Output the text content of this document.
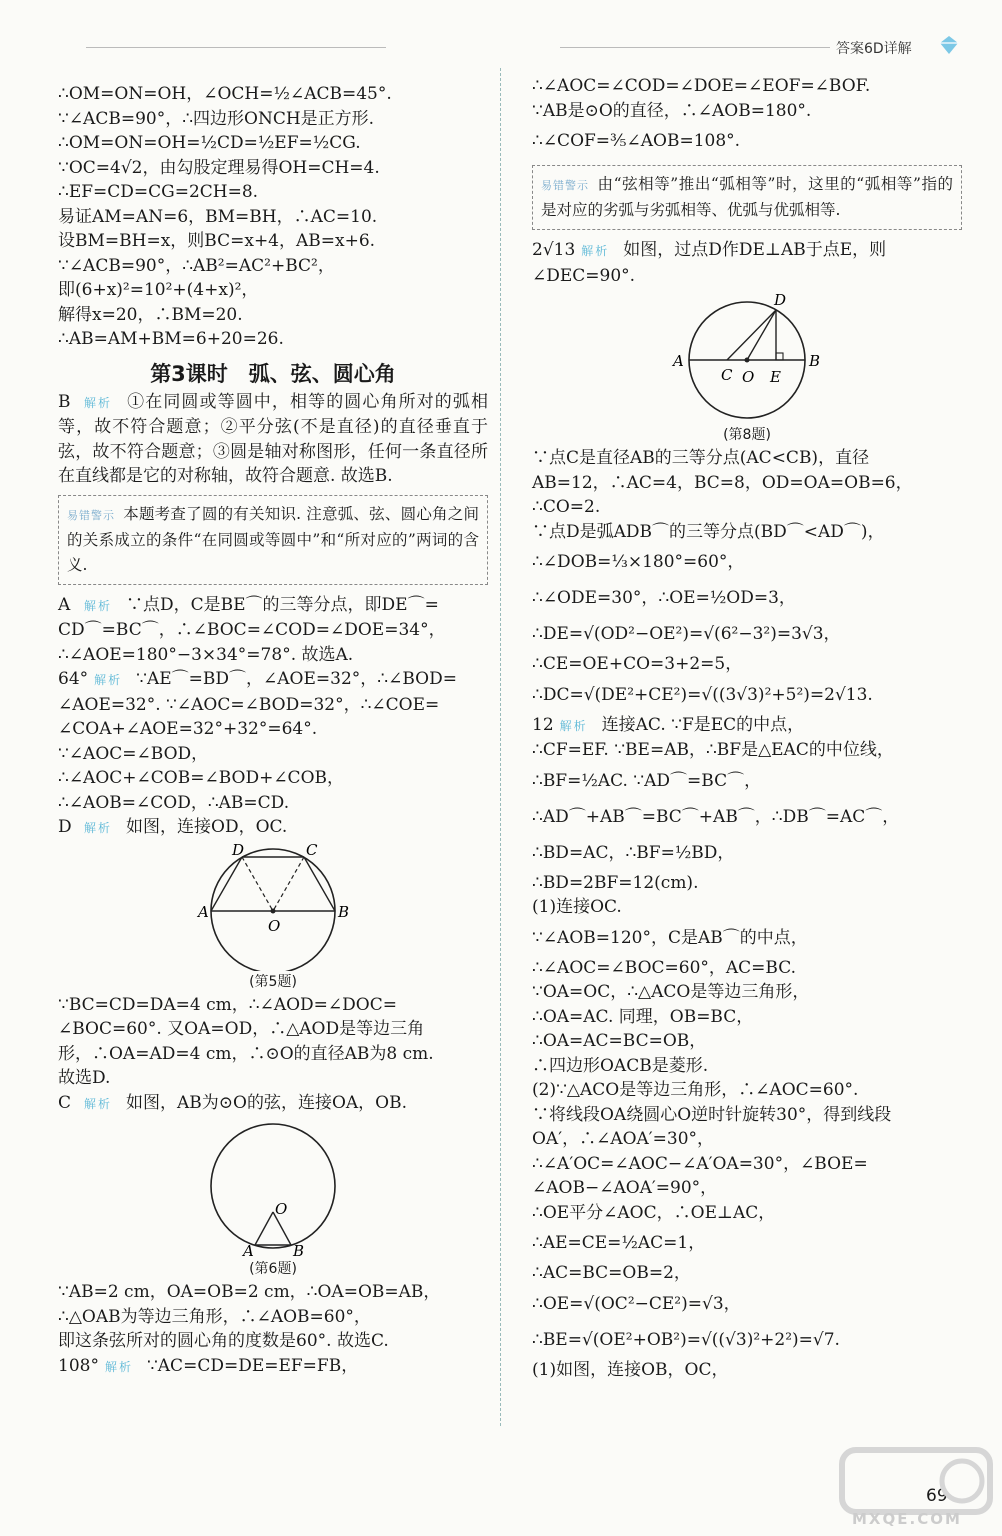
答案6D详解
∴OM=ON=OH，∠OCH=½∠ACB=45°.
∵∠ACB=90°，∴四边形ONCH是正方形.
∴OM=ON=OH=½CD=½EF=½CG.
∵OC=4√2，由勾股定理易得OH=CH=4.
∴EF=CD=CG=2CH=8.
易证AM=AN=6，BM=BH，∴AC=10.
设BM=BH=x，则BC=x+4，AB=x+6.
∵∠ACB=90°，∴AB²=AC²+BC²，
即(6+x)²=10²+(4+x)²，
解得x=20，∴BM=20.
∴AB=AM+BM=6+20=26.
第3课时　弧、弦、圆心角
B 解析 ①在同圆或等圆中，相等的圆心角所对的弧相等，故不符合题意；②平分弦(不是直径)的直径垂直于弦，故不符合题意；③圆是轴对称图形，任何一条直径所在直线都是它的对称轴，故符合题意. 故选B.
易错警示 本题考查了圆的有关知识. 注意弧、弦、圆心角之间的关系成立的条件“在同圆或等圆中”和“所对应的”两词的含义.
A 解析 ∵点D，C是BE⌒的三等分点，即DE⌒=
CD⌒=BC⌒，∴∠BOC=∠COD=∠DOE=34°，
∴∠AOE=180°−3×34°=78°. 故选A.
64° 解析 ∵AE⌒=BD⌒，∠AOE=32°，∴∠BOD=
∠AOE=32°. ∵∠AOC=∠BOD=32°，∴∠COE=
∠COA+∠AOE=32°+32°=64°.
∵∠AOC=∠BOD，
∴∠AOC+∠COB=∠BOD+∠COB，
∴∠AOB=∠COD，∴AB=CD.
D 解析 如图，连接OD，OC.
D	C
A
O
B
(第5题)
∵BC=CD=DA=4 cm，∴∠AOD=∠DOC=
∠BOC=60°. 又OA=OD，∴△AOD是等边三角
形，∴OA=AD=4 cm，∴⊙O的直径AB为8 cm.
故选D.
C 解析 如图，AB为⊙O的弦，连接OA，OB.
O
A	B
(第6题)
∵AB=2 cm，OA=OB=2 cm，∴OA=OB=AB，
∴△OAB为等边三角形，∴∠AOB=60°，
即这条弦所对的圆心角的度数是60°. 故选C.
108° 解析 ∵AC=CD=DE=EF=FB，
∴∠AOC=∠COD=∠DOE=∠EOF=∠BOF.
∵AB是⊙O的直径，∴∠AOB=180°.
∴∠COF=⅗∠AOB=108°.
易错警示 由“弦相等”推出“弧相等”时，这里的“弧相等”指的是对应的劣弧与劣弧相等、优弧与优弧相等.
2√13 解析 如图，过点D作DE⊥AB于点E，则
∠DEC=90°.
A	B
C O E
D
(第8题)
∵点C是直径AB的三等分点(AC<CB)，直径
AB=12，∴AC=4，BC=8，OD=OA=OB=6，
∴CO=2.
∵点D是弧ADB⌒的三等分点(BD⌒<AD⌒)，
∴∠DOB=⅓×180°=60°，
∴∠ODE=30°，∴OE=½OD=3，
∴DE=√(OD²−OE²)=√(6²−3²)=3√3，
∴CE=OE+CO=3+2=5，
∴DC=√(DE²+CE²)=√((3√3)²+5²)=2√13.
12 解析 连接AC. ∵F是EC的中点，
∴CF=EF. ∵BE=AB，∴BF是△EAC的中位线，
∴BF=½AC. ∵AD⌒=BC⌒，
∴AD⌒+AB⌒=BC⌒+AB⌒，∴DB⌒=AC⌒，
∴BD=AC，∴BF=½BD，
∴BD=2BF=12(cm).
(1)连接OC.
∵∠AOB=120°，C是AB⌒的中点，
∴∠AOC=∠BOC=60°，AC=BC.
∵OA=OC，∴△ACO是等边三角形，
∴OA=AC. 同理，OB=BC，
∴OA=AC=BC=OB，
∴四边形OACB是菱形.
(2)∵△ACO是等边三角形，∴∠AOC=60°.
∵将线段OA绕圆心O逆时针旋转30°，得到线段
OA′，∴∠AOA′=30°，
∴∠A′OC=∠AOC−∠A′OA=30°，∠BOE=
∠AOB−∠AOA′=90°，
∴OE平分∠AOC，∴OE⊥AC，
∴AE=CE=½AC=1，
∴AC=BC=OB=2，
∴OE=√(OC²−CE²)=√3，
∴BE=√(OE²+OB²)=√((√3)²+2²)=√7.
(1)如图，连接OB，OC，
69
MXQE.COM
